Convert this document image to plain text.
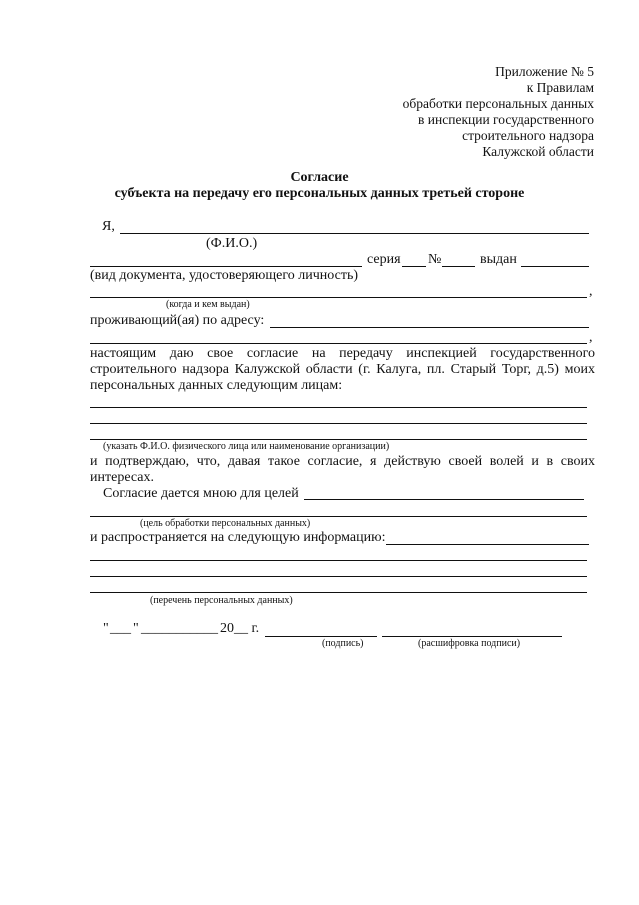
Приложение № 5
к Правилам
обработки персональных данных
в инспекции государственного
строительного надзора
Калужской области
Согласие
субъекта на передачу его персональных данных третьей стороне
Я,
(Ф.И.О.)
серия №	выдан
(вид документа, удостоверяющего личность)
,
(когда и кем выдан)
проживающий(ая) по адресу:
,
настоящим даю свое согласие на передачу инспекцией государственного
строительного надзора Калужской области (г. Калуга, пл. Старый Торг, д.5) моих
персональных данных следующим лицам:
(указать Ф.И.О. физического лица или наименование организации)
и подтверждаю, что, давая такое согласие, я действую своей волей и в своих
интересах.
Согласие дается мною для целей
(цель обработки персональных данных)
и распространяется на следующую информацию:
(перечень персональных данных)
" ___ " ___________ 20__ г.
(подпись)	(расшифровка подписи)
